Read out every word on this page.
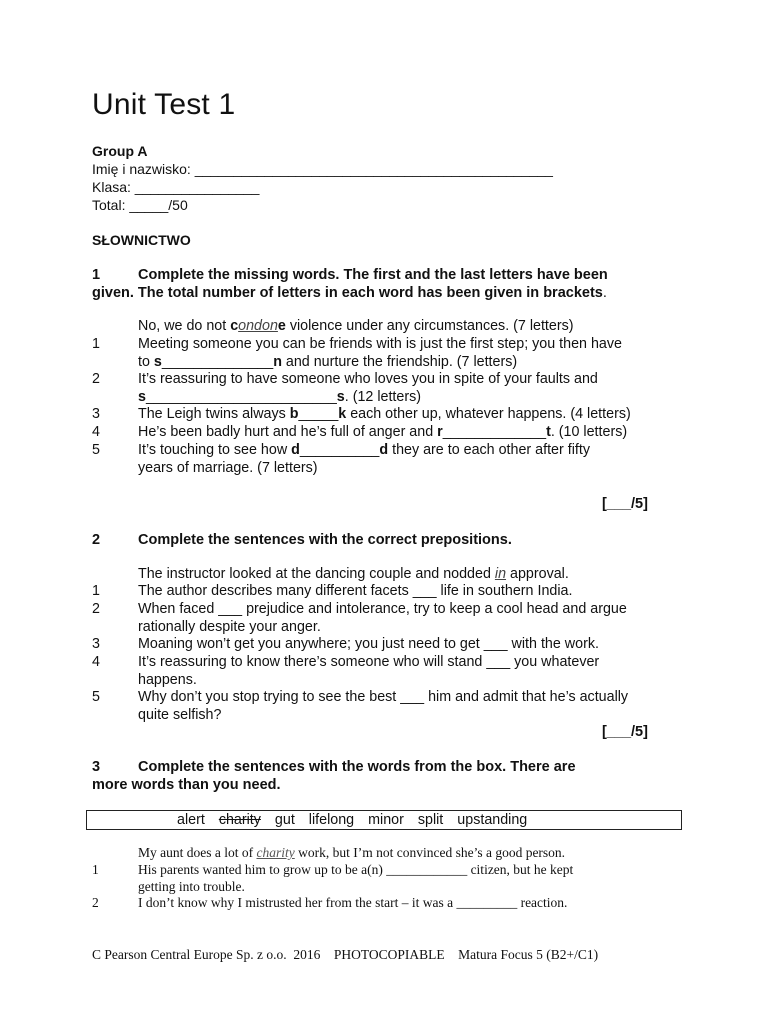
Unit Test 1
Group A
Imię i nazwisko: ______________________________________________
Klasa: ________________
Total: _____/50
SŁOWNICTWO
1	Complete the missing words. The first and the last letters have been
given. The total number of letters in each word has been given in brackets.
No, we do not condone violence under any circumstances. (7 letters)
1	Meeting someone you can be friends with is just the first step; you then have
to s______________n and nurture the friendship. (7 letters)
2	It’s reassuring to have someone who loves you in spite of your faults and
s________________________s. (12 letters)
3	The Leigh twins always b_____k each other up, whatever happens. (4 letters)
4	He’s been badly hurt and he’s full of anger and r_____________t. (10 letters)
5	It’s touching to see how d__________d they are to each other after fifty
years of marriage. (7 letters)
[___/5]
2	Complete the sentences with the correct prepositions.
The instructor looked at the dancing couple and nodded in approval.
1	The author describes many different facets ___ life in southern India.
2	When faced ___ prejudice and intolerance, try to keep a cool head and argue
rationally despite your anger.
3	Moaning won’t get you anywhere; you just need to get ___ with the work.
4	It’s reassuring to know there’s someone who will stand ___ you whatever
happens.
5	Why don’t you stop trying to see the best ___ him and admit that he’s actually
quite selfish?
[___/5]
3	Complete the sentences with the words from the box. There are
more words than you need.
alert charity gut lifelong minor split upstanding
My aunt does a lot of charity work, but I’m not convinced she’s a good person.
1	His parents wanted him to grow up to be a(n) ____________ citizen, but he kept
getting into trouble.
2	I don’t know why I mistrusted her from the start – it was a _________ reaction.
C Pearson Central Europe Sp. z o.o.  2016 PHOTOCOPIABLE Matura Focus 5 (B2+/C1)
